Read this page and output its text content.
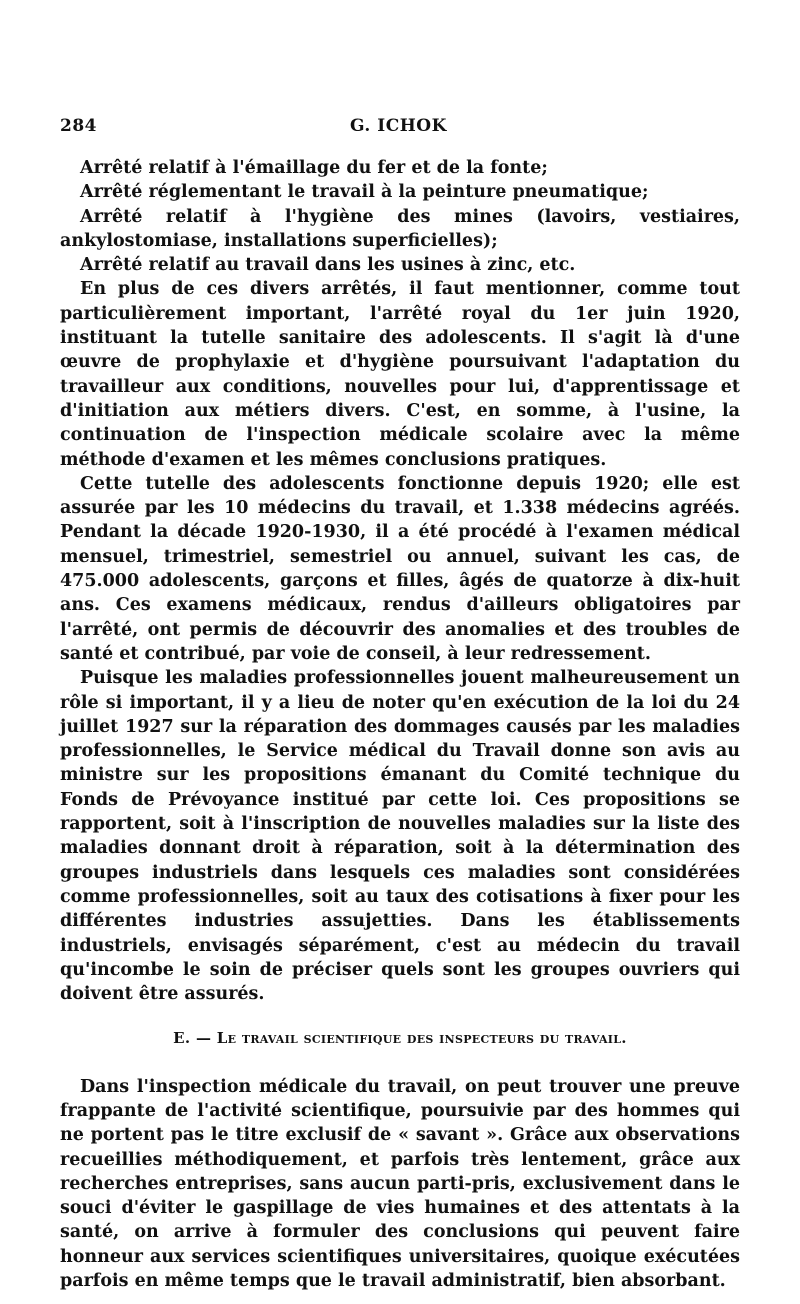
284	G. ICHOK

Arrêté relatif à l'émaillage du fer et de la fonte;

Arrêté réglementant le travail à la peinture pneumatique;

Arrêté relatif à l'hygiène des mines (lavoirs, vestiaires, ankylostomiase, installations superficielles);

Arrêté relatif au travail dans les usines à zinc, etc.

En plus de ces divers arrêtés, il faut mentionner, comme tout particulièrement important, l'arrêté royal du 1er juin 1920, instituant la tutelle sanitaire des adolescents. Il s'agit là d'une œuvre de prophylaxie et d'hygiène poursuivant l'adaptation du travailleur aux conditions, nouvelles pour lui, d'apprentissage et d'initiation aux métiers divers. C'est, en somme, à l'usine, la continuation de l'inspection médicale scolaire avec la même méthode d'examen et les mêmes conclusions pratiques.

Cette tutelle des adolescents fonctionne depuis 1920; elle est assurée par les 10 médecins du travail, et 1.338 médecins agréés. Pendant la décade 1920-1930, il a été procédé à l'examen médical mensuel, trimestriel, semestriel ou annuel, suivant les cas, de 475.000 adolescents, garçons et filles, âgés de quatorze à dix-huit ans. Ces examens médicaux, rendus d'ailleurs obligatoires par l'arrêté, ont permis de découvrir des anomalies et des troubles de santé et contribué, par voie de conseil, à leur redressement.

Puisque les maladies professionnelles jouent malheureusement un rôle si important, il y a lieu de noter qu'en exécution de la loi du 24 juillet 1927 sur la réparation des dommages causés par les maladies professionnelles, le Service médical du Travail donne son avis au ministre sur les propositions émanant du Comité technique du Fonds de Prévoyance institué par cette loi. Ces propositions se rapportent, soit à l'inscription de nouvelles maladies sur la liste des maladies donnant droit à réparation, soit à la détermination des groupes industriels dans lesquels ces maladies sont considérées comme professionnelles, soit au taux des cotisations à fixer pour les différentes industries assujetties. Dans les établissements industriels, envisagés séparément, c'est au médecin du travail qu'incombe le soin de préciser quels sont les groupes ouvriers qui doivent être assurés.

E. — Le travail scientifique des inspecteurs du travail.

Dans l'inspection médicale du travail, on peut trouver une preuve frappante de l'activité scientifique, poursuivie par des hommes qui ne portent pas le titre exclusif de « savant ». Grâce aux observations recueillies méthodiquement, et parfois très lentement, grâce aux recherches entreprises, sans aucun parti-pris, exclusivement dans le souci d'éviter le gaspillage de vies humaines et des attentats à la santé, on arrive à formuler des conclusions qui peuvent faire honneur aux services scientifiques universitaires, quoique exécutées parfois en même temps que le travail administratif, bien absorbant.
